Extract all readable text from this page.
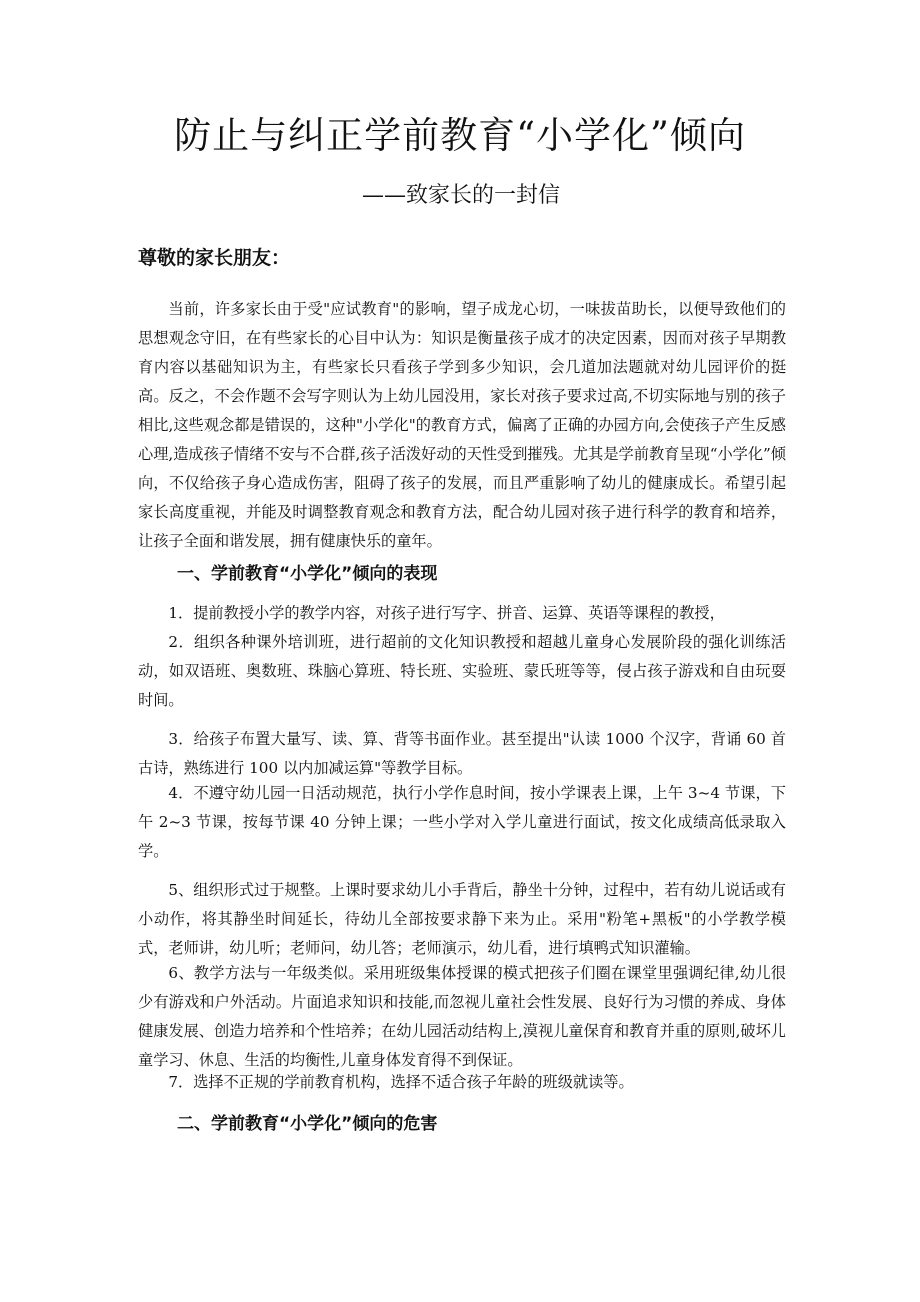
防止与纠正学前教育“小学化”倾向
——致家长的一封信

尊敬的家长朋友：

当前，许多家长由于受"应试教育"的影响，望子成龙心切，一味拔苗助长，以便导致他们的思想观念守旧，在有些家长的心目中认为：知识是衡量孩子成才的决定因素，因而对孩子早期教育内容以基础知识为主，有些家长只看孩子学到多少知识，会几道加法题就对幼儿园评价的挺高。反之，不会作题不会写字则认为上幼儿园没用，家长对孩子要求过高,不切实际地与别的孩子相比,这些观念都是错误的，这种"小学化"的教育方式，偏离了正确的办园方向,会使孩子产生反感心理,造成孩子情绪不安与不合群,孩子活泼好动的天性受到摧残。尤其是学前教育呈现“小学化”倾向，不仅给孩子身心造成伤害，阻碍了孩子的发展，而且严重影响了幼儿的健康成长。希望引起家长高度重视，并能及时调整教育观念和教育方法，配合幼儿园对孩子进行科学的教育和培养，让孩子全面和谐发展，拥有健康快乐的童年。

一、学前教育“小学化”倾向的表现

1．提前教授小学的教学内容，对孩子进行写字、拼音、运算、英语等课程的教授，

2．组织各种课外培训班，进行超前的文化知识教授和超越儿童身心发展阶段的强化训练活动，如双语班、奥数班、珠脑心算班、特长班、实验班、蒙氏班等等，侵占孩子游戏和自由玩耍时间。

3．给孩子布置大量写、读、算、背等书面作业。甚至提出"认读 1000 个汉字，背诵 60 首古诗，熟练进行 100 以内加减运算"等教学目标。

4．不遵守幼儿园一日活动规范，执行小学作息时间，按小学课表上课，上午 3~4 节课，下午 2~3 节课，按每节课 40 分钟上课；一些小学对入学儿童进行面试，按文化成绩高低录取入学。

5、组织形式过于规整。上课时要求幼儿小手背后，静坐十分钟，过程中，若有幼儿说话或有小动作，将其静坐时间延长，待幼儿全部按要求静下来为止。采用"粉笔+黑板"的小学教学模式，老师讲，幼儿听；老师问，幼儿答；老师演示，幼儿看，进行填鸭式知识灌输。

6、教学方法与一年级类似。采用班级集体授课的模式把孩子们圈在课堂里强调纪律,幼儿很少有游戏和户外活动。片面追求知识和技能,而忽视儿童社会性发展、良好行为习惯的养成、身体健康发展、创造力培养和个性培养；在幼儿园活动结构上,漠视儿童保育和教育并重的原则,破坏儿童学习、休息、生活的均衡性,儿童身体发育得不到保证。

7．选择不正规的学前教育机构，选择不适合孩子年龄的班级就读等。

二、学前教育“小学化”倾向的危害
